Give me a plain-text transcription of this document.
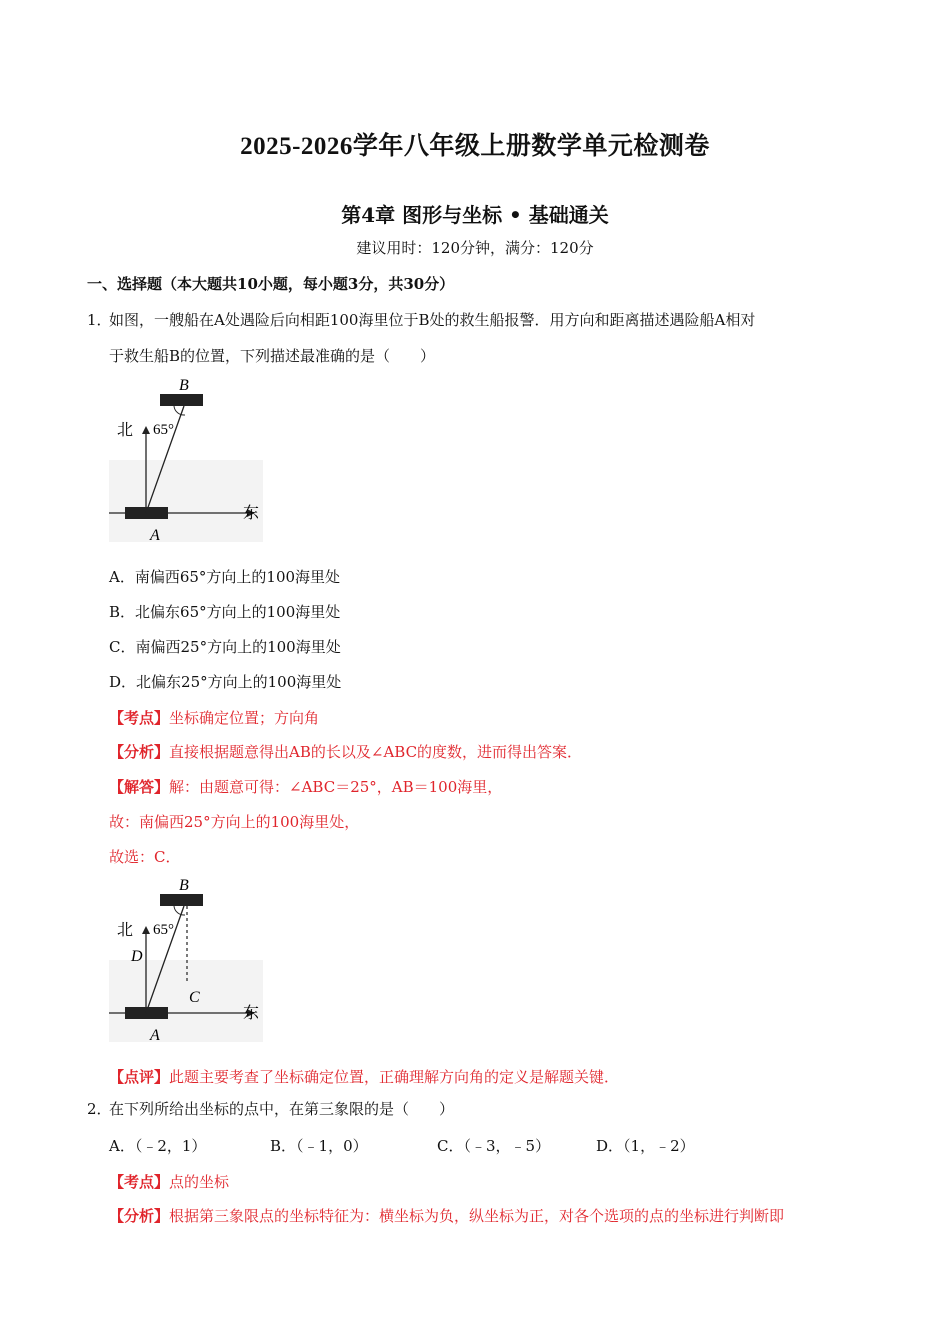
2025-2026学年八年级上册数学单元检测卷
第4章 图形与坐标 • 基础通关
建议用时：120分钟，满分：120分
一、选择题（本大题共10小题，每小题3分，共30分）
1．如图，一艘船在A处遇险后向相距100海里位于B处的救生船报警．用方向和距离描述遇险船A相对
于救生船B的位置，下列描述最准确的是（　　）
B
A
北
东
65°
A．南偏西65°方向上的100海里处
B．北偏东65°方向上的100海里处
C．南偏西25°方向上的100海里处
D．北偏东25°方向上的100海里处
【考点】坐标确定位置；方向角
【分析】直接根据题意得出AB的长以及∠ABC的度数，进而得出答案．
【解答】解：由题意可得：∠ABC＝25°，AB＝100海里，
故：南偏西25°方向上的100海里处，
故选：C．
B
A
C
D
北
东
65°
【点评】此题主要考查了坐标确定位置，正确理解方向角的定义是解题关键．
2．在下列所给出坐标的点中，在第三象限的是（　　）
A．（﹣2，1）	B．（﹣1，0）	C．（﹣3，﹣5）	D．（1，﹣2）
【考点】点的坐标
【分析】根据第三象限点的坐标特征为：横坐标为负，纵坐标为正，对各个选项的点的坐标进行判断即
